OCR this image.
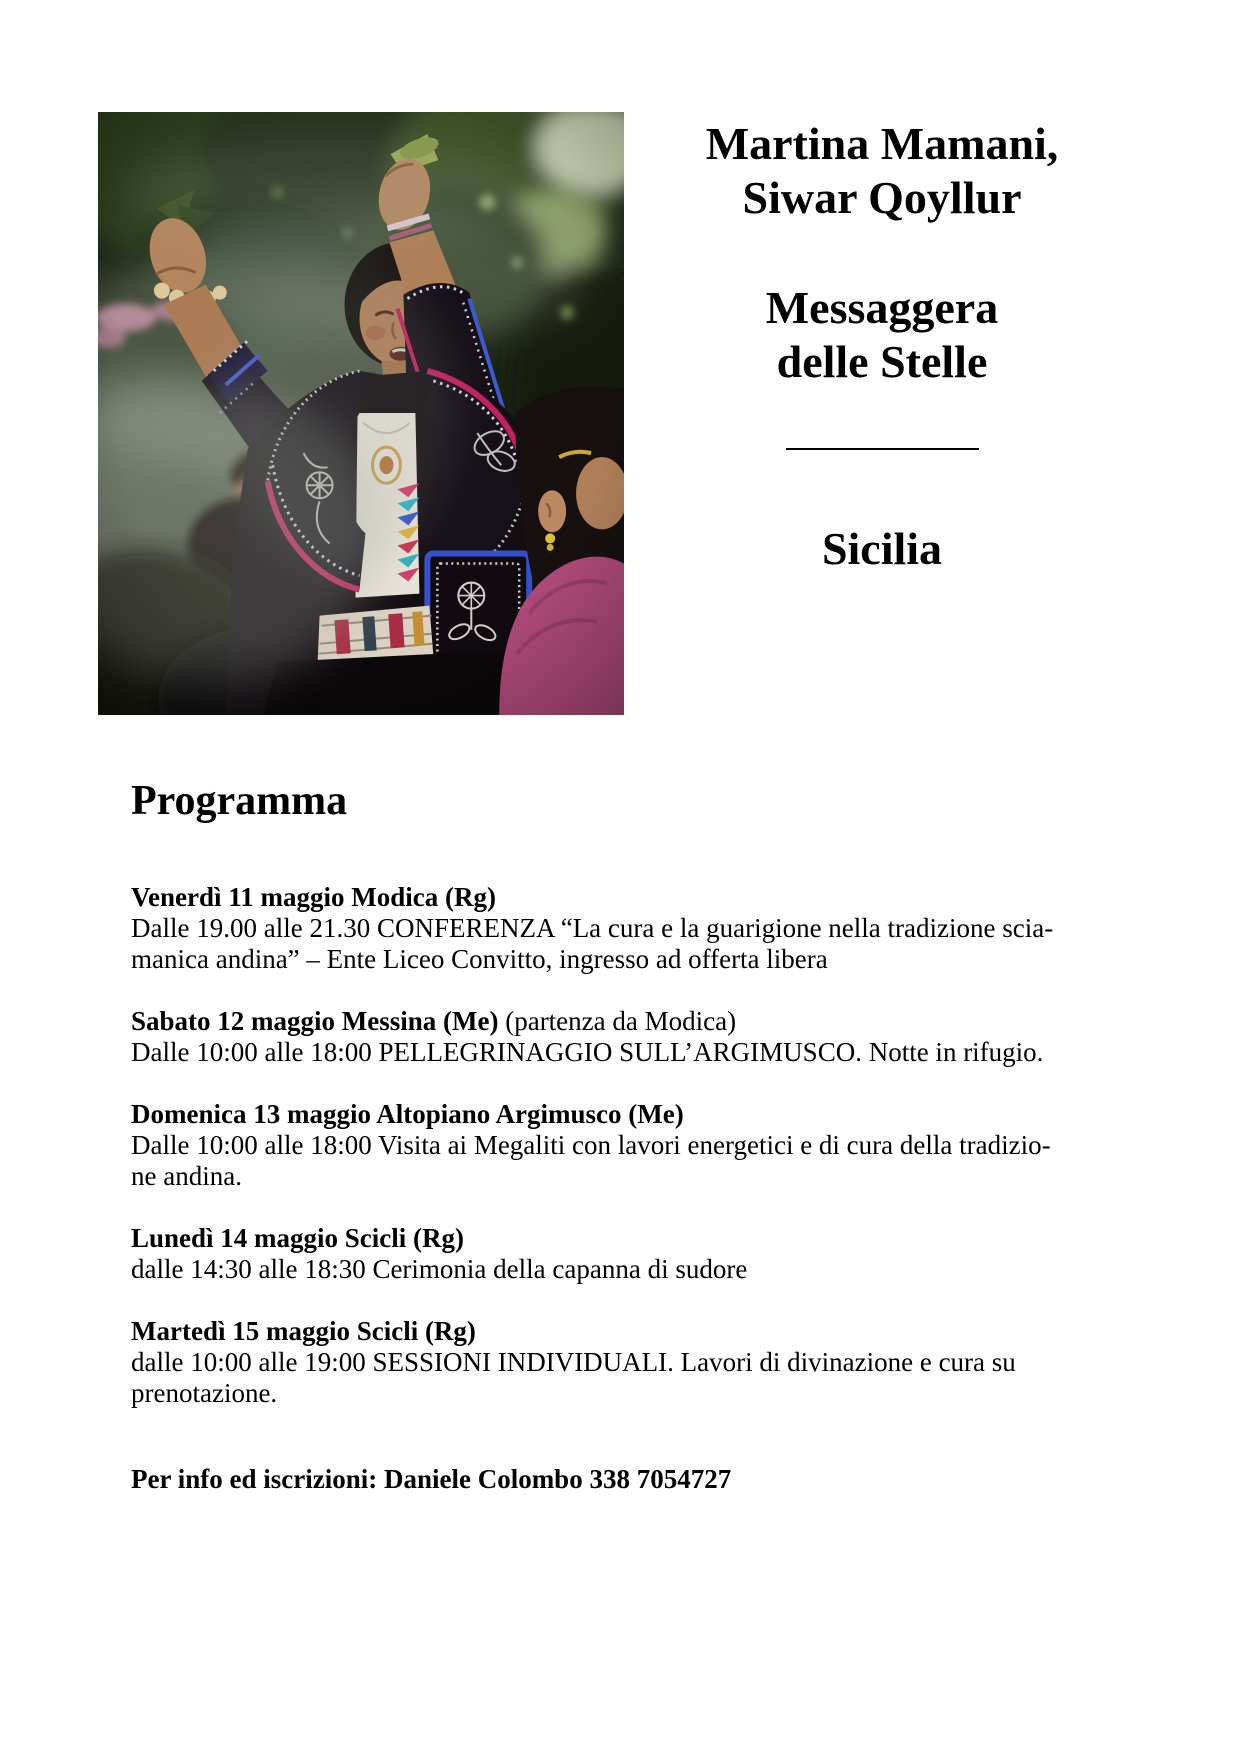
Martina Mamani,
Siwar Qoyllur
Messaggera
delle Stelle
Sicilia
Programma
Venerdì 11 maggio Modica (Rg)
Dalle 19.00 alle 21.30 CONFERENZA “La cura e la guarigione nella tradizione scia-
manica andina” – Ente Liceo Convitto, ingresso ad offerta libera
Sabato 12 maggio Messina (Me) (partenza da Modica)
Dalle 10:00 alle 18:00 PELLEGRINAGGIO SULL’ARGIMUSCO. Notte in rifugio.
Domenica 13 maggio Altopiano Argimusco (Me)
Dalle 10:00 alle 18:00 Visita ai Megaliti con lavori energetici e di cura della tradizio-
ne andina.
Lunedì 14 maggio Scicli (Rg)
dalle 14:30 alle 18:30 Cerimonia della capanna di sudore
Martedì 15 maggio Scicli (Rg)
dalle 10:00 alle 19:00 SESSIONI INDIVIDUALI. Lavori di divinazione e cura su
prenotazione.
Per info ed iscrizioni: Daniele Colombo 338 7054727
